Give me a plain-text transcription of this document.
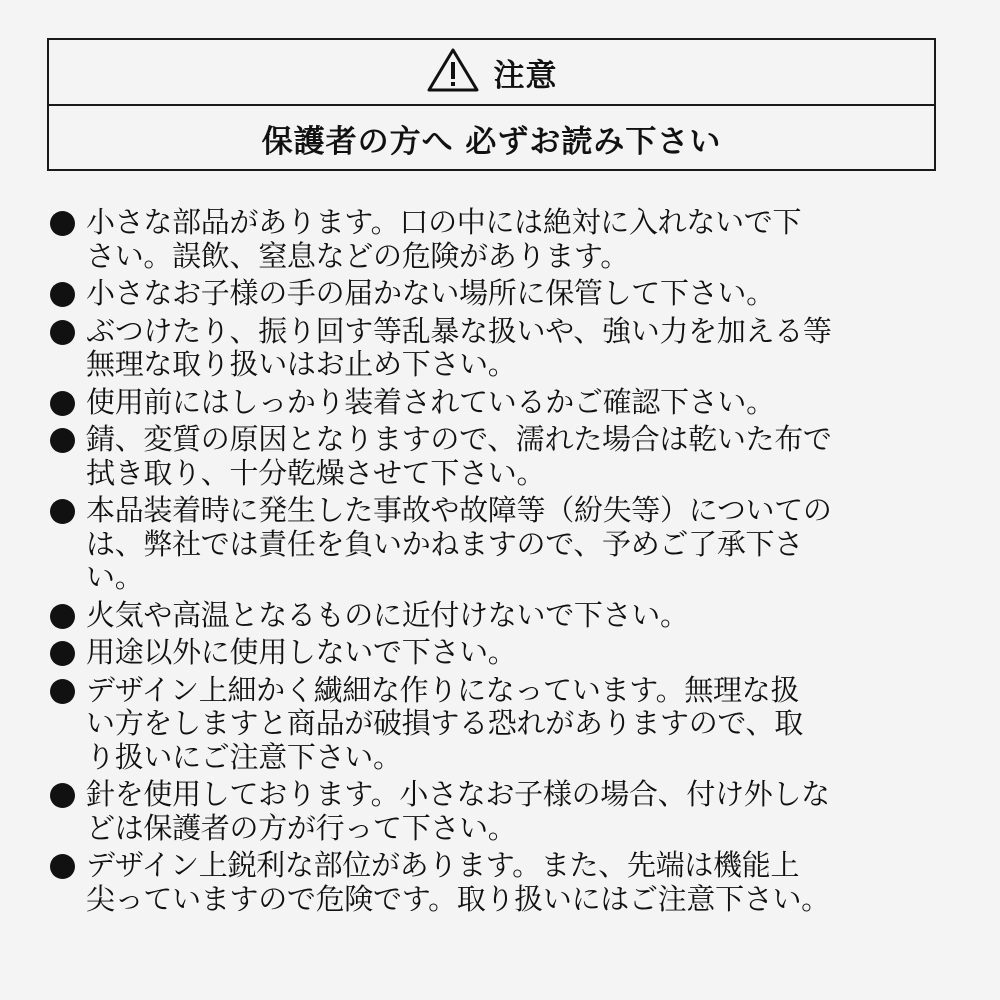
注意
保護者の方へ 必ずお読み下さい
小さな部品があります。口の中には絶対に入れないで下
さい。誤飲、窒息などの危険があります。
小さなお子様の手の届かない場所に保管して下さい。
ぶつけたり、振り回す等乱暴な扱いや、強い力を加える等
無理な取り扱いはお止め下さい。
使用前にはしっかり装着されているかご確認下さい。
錆、変質の原因となりますので、濡れた場合は乾いた布で
拭き取り、十分乾燥させて下さい。
本品装着時に発生した事故や故障等（紛失等）についての
は、弊社では責任を負いかねますので、予めご了承下さ
い。
火気や高温となるものに近付けないで下さい。
用途以外に使用しないで下さい。
デザイン上細かく繊細な作りになっています。無理な扱
い方をしますと商品が破損する恐れがありますので、取
り扱いにご注意下さい。
針を使用しております。小さなお子様の場合、付け外しな
どは保護者の方が行って下さい。
デザイン上鋭利な部位があります。また、先端は機能上
尖っていますので危険です。取り扱いにはご注意下さい。
